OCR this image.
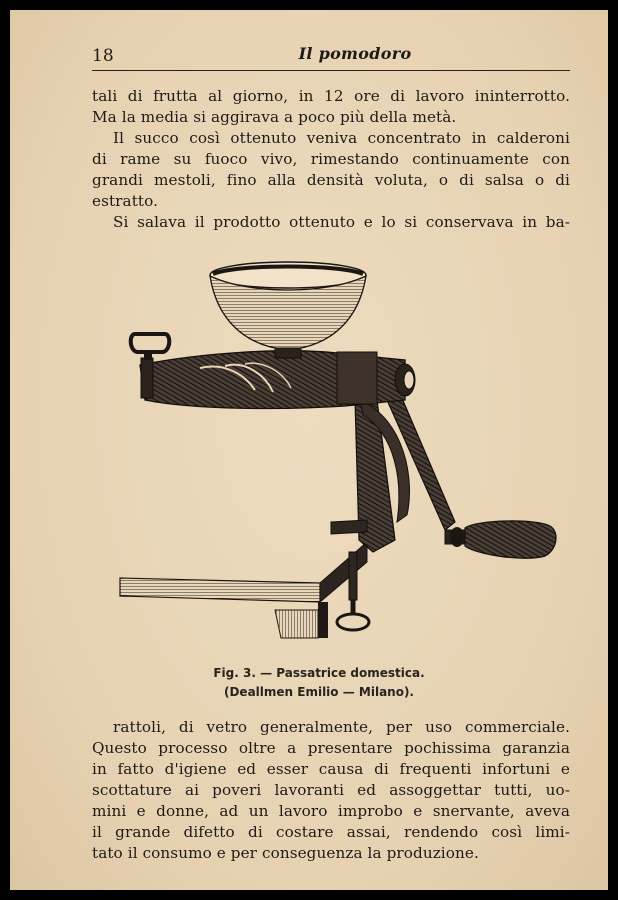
18	Il pomodoro
tali di frutta al giorno, in 12 ore di lavoro ininterrotto.
Ma la media si aggirava a poco più della metà.
Il succo così ottenuto veniva concentrato in calderoni
di rame su fuoco vivo, rimestando continuamente con
grandi mestoli, fino alla densità voluta, o di salsa o di
estratto.
Si salava il prodotto ottenuto e lo si conservava in ba-
Fig. 3. — Passatrice domestica.
(Deallmen Emilio — Milano).
rattoli, di vetro generalmente, per uso commerciale.
Questo processo oltre a presentare pochissima garanzia
in fatto d'igiene ed esser causa di frequenti infortuni e
scottature ai poveri lavoranti ed assoggettar tutti, uo-
mini e donne, ad un lavoro improbo e snervante, aveva
il grande difetto di costare assai, rendendo così limi-
tato il consumo e per conseguenza la produzione.
